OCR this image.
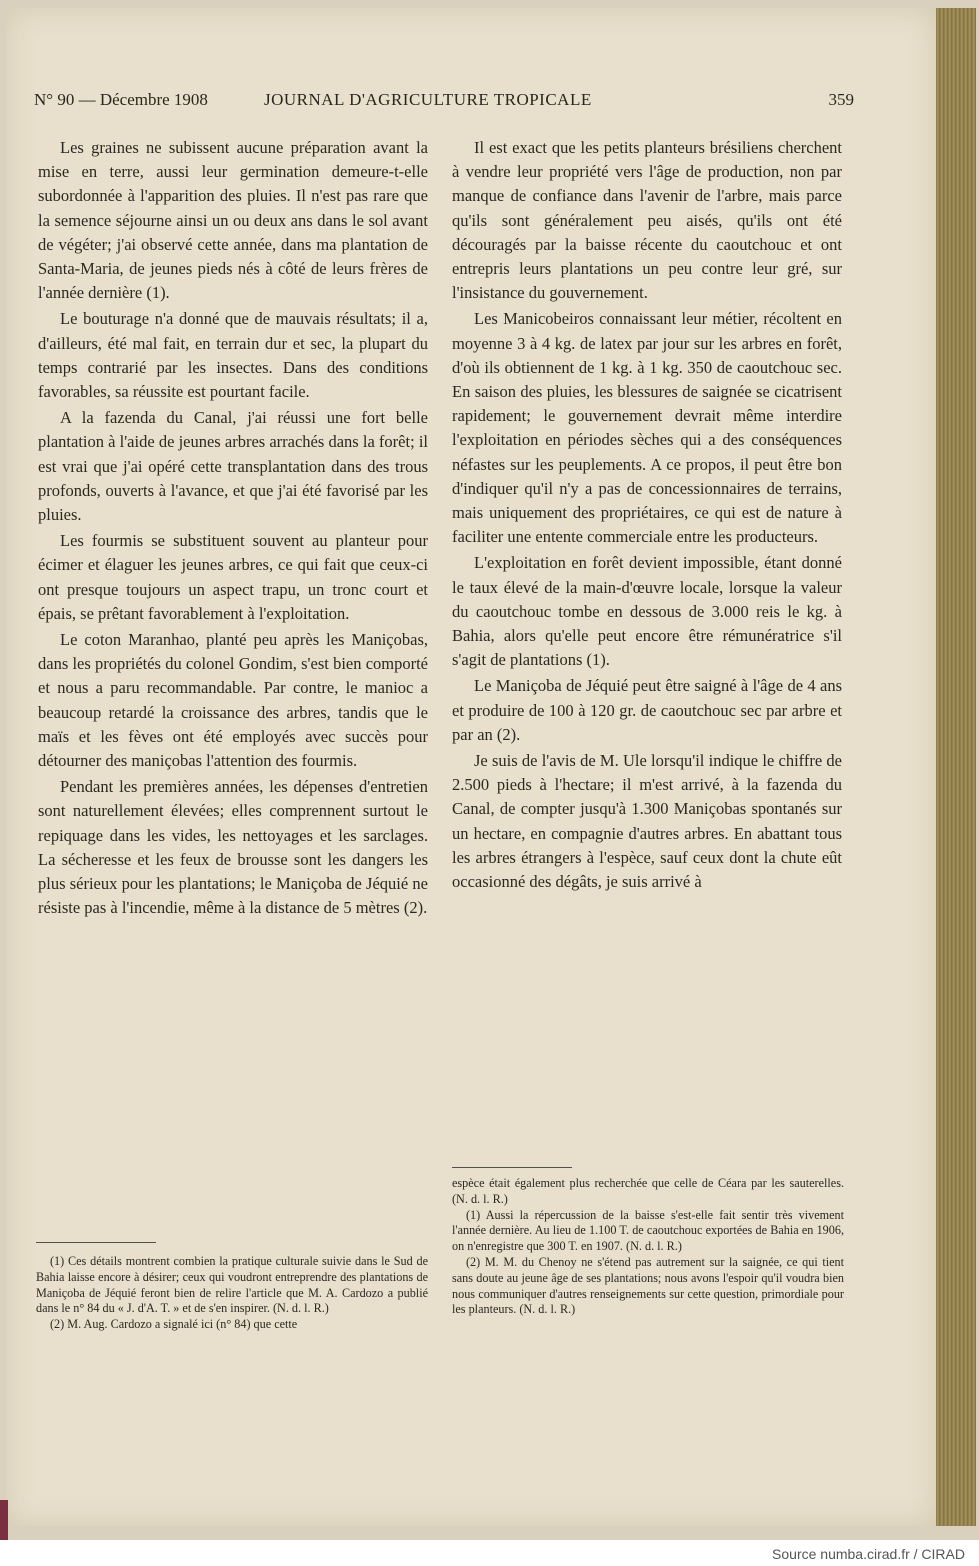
N° 90 — Décembre 1908	JOURNAL D'AGRICULTURE TROPICALE	359

Les graines ne subissent aucune préparation avant la mise en terre, aussi leur germination demeure-t-elle subordonnée à l'apparition des pluies. Il n'est pas rare que la semence séjourne ainsi un ou deux ans dans le sol avant de végéter; j'ai observé cette année, dans ma plantation de Santa-Maria, de jeunes pieds nés à côté de leurs frères de l'année dernière (1).

Le bouturage n'a donné que de mauvais résultats; il a, d'ailleurs, été mal fait, en terrain dur et sec, la plupart du temps contrarié par les insectes. Dans des conditions favorables, sa réussite est pourtant facile.

A la fazenda du Canal, j'ai réussi une fort belle plantation à l'aide de jeunes arbres arrachés dans la forêt; il est vrai que j'ai opéré cette transplantation dans des trous profonds, ouverts à l'avance, et que j'ai été favorisé par les pluies.

Les fourmis se substituent souvent au planteur pour écimer et élaguer les jeunes arbres, ce qui fait que ceux-ci ont presque toujours un aspect trapu, un tronc court et épais, se prêtant favorablement à l'exploitation.

Le coton Maranhao, planté peu après les Maniçobas, dans les propriétés du colonel Gondim, s'est bien comporté et nous a paru recommandable. Par contre, le manioc a beaucoup retardé la croissance des arbres, tandis que le maïs et les fèves ont été employés avec succès pour détourner des maniçobas l'attention des fourmis.

Pendant les premières années, les dépenses d'entretien sont naturellement élevées; elles comprennent surtout le repiquage dans les vides, les nettoyages et les sarclages. La sécheresse et les feux de brousse sont les dangers les plus sérieux pour les plantations; le Maniçoba de Jéquié ne résiste pas à l'incendie, même à la distance de 5 mètres (2).

Il est exact que les petits planteurs brésiliens cherchent à vendre leur propriété vers l'âge de production, non par manque de confiance dans l'avenir de l'arbre, mais parce qu'ils sont généralement peu aisés, qu'ils ont été découragés par la baisse récente du caoutchouc et ont entrepris leurs plantations un peu contre leur gré, sur l'insistance du gouvernement.

Les Manicobeiros connaissant leur métier, récoltent en moyenne 3 à 4 kg. de latex par jour sur les arbres en forêt, d'où ils obtiennent de 1 kg. à 1 kg. 350 de caoutchouc sec. En saison des pluies, les blessures de saignée se cicatrisent rapidement; le gouvernement devrait même interdire l'exploitation en périodes sèches qui a des conséquences néfastes sur les peuplements. A ce propos, il peut être bon d'indiquer qu'il n'y a pas de concessionnaires de terrains, mais uniquement des propriétaires, ce qui est de nature à faciliter une entente commerciale entre les producteurs.

L'exploitation en forêt devient impossible, étant donné le taux élevé de la main-d'œuvre locale, lorsque la valeur du caoutchouc tombe en dessous de 3.000 reis le kg. à Bahia, alors qu'elle peut encore être rémunératrice s'il s'agit de plantations (1).

Le Maniçoba de Jéquié peut être saigné à l'âge de 4 ans et produire de 100 à 120 gr. de caoutchouc sec par arbre et par an (2).

Je suis de l'avis de M. Ule lorsqu'il indique le chiffre de 2.500 pieds à l'hectare; il m'est arrivé, à la fazenda du Canal, de compter jusqu'à 1.300 Maniçobas spontanés sur un hectare, en compagnie d'autres arbres. En abattant tous les arbres étrangers à l'espèce, sauf ceux dont la chute eût occasionné des dégâts, je suis arrivé à

(1) Ces détails montrent combien la pratique culturale suivie dans le Sud de Bahia laisse encore à désirer; ceux qui voudront entreprendre des plantations de Maniçoba de Jéquié feront bien de relire l'article que M. A. Cardozo a publié dans le n° 84 du « J. d'A. T. » et de s'en inspirer. (N. d. l. R.)

(2) M. Aug. Cardozo a signalé ici (n° 84) que cette

espèce était également plus recherchée que celle de Céara par les sauterelles. (N. d. l. R.)

(1) Aussi la répercussion de la baisse s'est-elle fait sentir très vivement l'année dernière. Au lieu de 1.100 T. de caoutchouc exportées de Bahia en 1906, on n'enregistre que 300 T. en 1907. (N. d. l. R.)

(2) M. M. du Chenoy ne s'étend pas autrement sur la saignée, ce qui tient sans doute au jeune âge de ses plantations; nous avons l'espoir qu'il voudra bien nous communiquer d'autres renseignements sur cette question, primordiale pour les planteurs. (N. d. l. R.)

Source numba.cirad.fr / CIRAD
